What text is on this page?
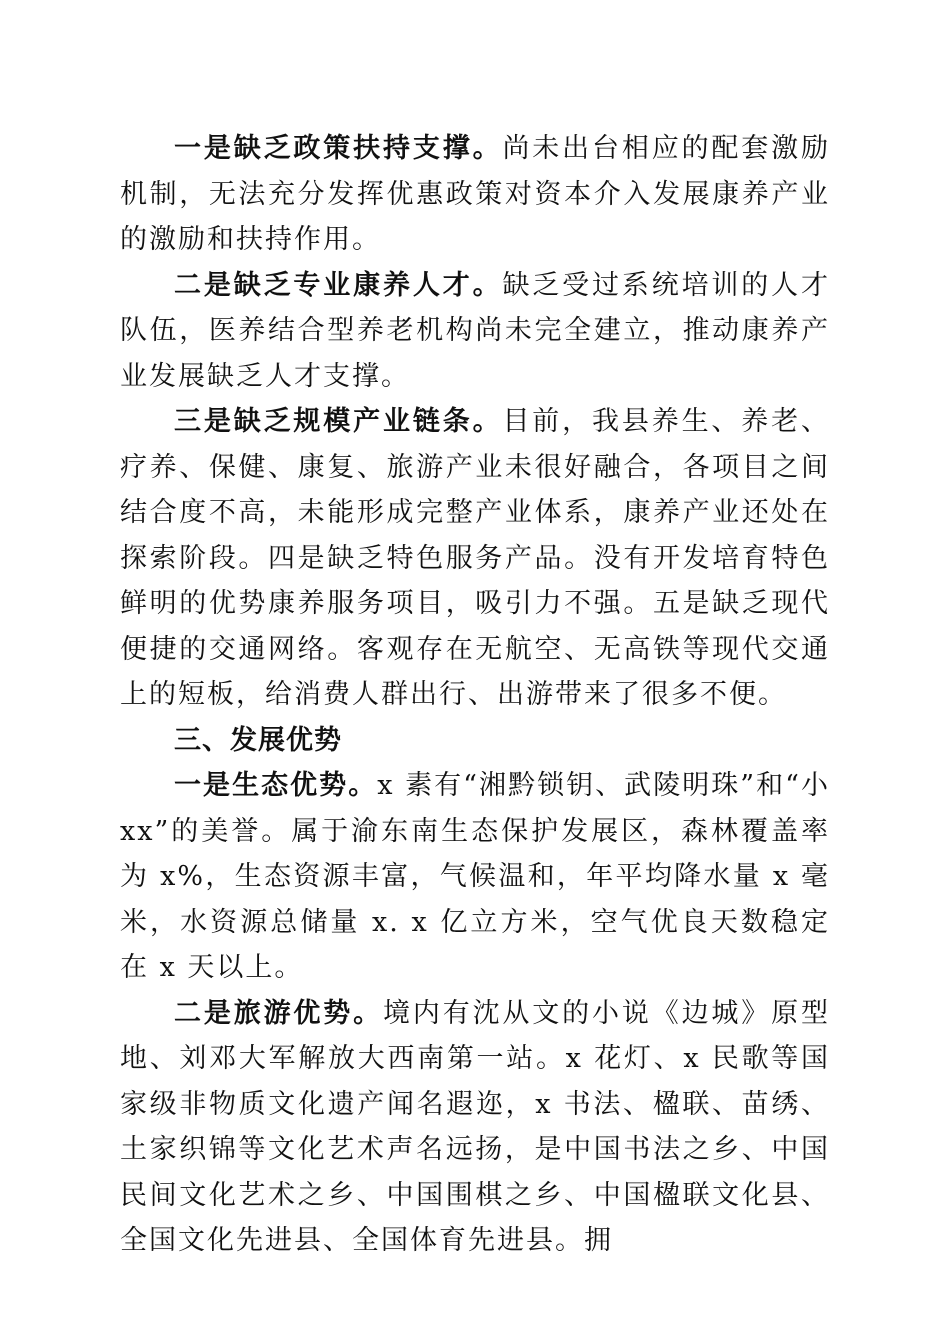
一是缺乏政策扶持支撑。尚未出台相应的配套激励机制，无法充分发挥优惠政策对资本介入发展康养产业的激励和扶持作用。

二是缺乏专业康养人才。缺乏受过系统培训的人才队伍，医养结合型养老机构尚未完全建立，推动康养产业发展缺乏人才支撑。

三是缺乏规模产业链条。目前，我县养生、养老、疗养、保健、康复、旅游产业未很好融合，各项目之间结合度不高，未能形成完整产业体系，康养产业还处在探索阶段。四是缺乏特色服务产品。没有开发培育特色鲜明的优势康养服务项目，吸引力不强。五是缺乏现代便捷的交通网络。客观存在无航空、无高铁等现代交通上的短板，给消费人群出行、出游带来了很多不便。

三、发展优势

一是生态优势。x 素有“湘黔锁钥、武陵明珠”和“小 xx”的美誉。属于渝东南生态保护发展区，森林覆盖率为 x%，生态资源丰富，气候温和，年平均降水量 x 毫米，水资源总储量 x. x 亿立方米，空气优良天数稳定在 x 天以上。

二是旅游优势。境内有沈从文的小说《边城》原型地、刘邓大军解放大西南第一站。x 花灯、x 民歌等国家级非物质文化遗产闻名遐迩，x 书法、楹联、苗绣、土家织锦等文化艺术声名远扬，是中国书法之乡、中国民间文化艺术之乡、中国围棋之乡、中国楹联文化县、全国文化先进县、全国体育先进县。拥
